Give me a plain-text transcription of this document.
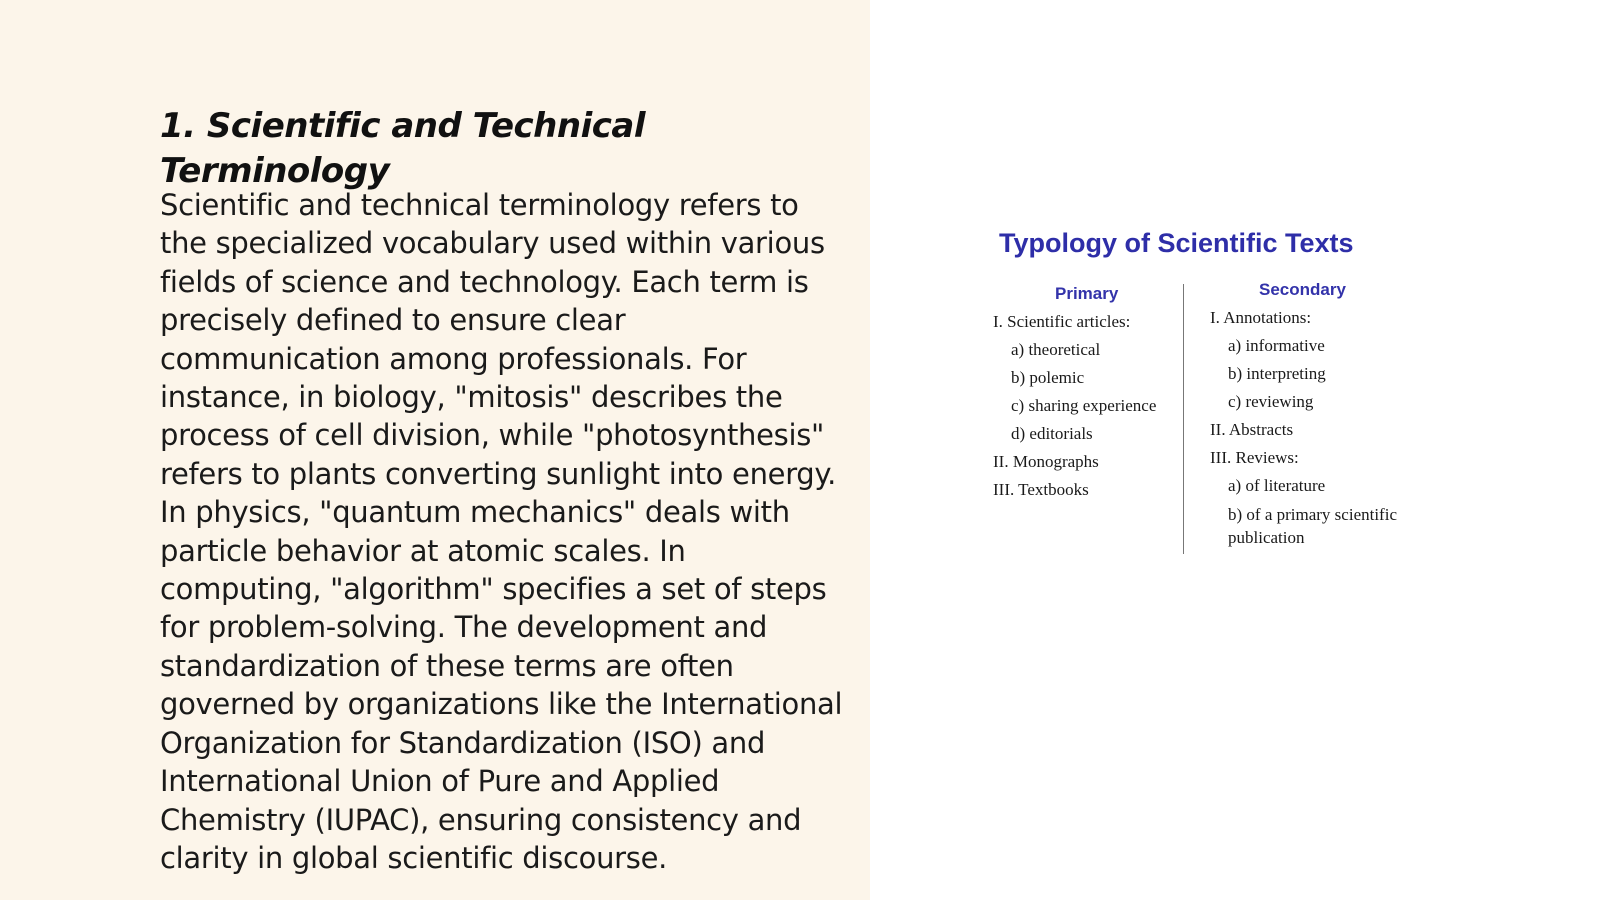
1. Scientific and Technical Terminology

Scientific and technical terminology refers to the specialized vocabulary used within various fields of science and technology. Each term is precisely defined to ensure clear communication among professionals. For instance, in biology, "mitosis" describes the process of cell division, while "photosynthesis" refers to plants converting sunlight into energy. In physics, "quantum mechanics" deals with particle behavior at atomic scales. In computing, "algorithm" specifies a set of steps for problem-solving. The development and standardization of these terms are often governed by organizations like the International Organization for Standardization (ISO) and International Union of Pure and Applied Chemistry (IUPAC), ensuring consistency and clarity in global scientific discourse.

Typology of Scientific Texts
Primary	Secondary
I. Scientific articles:
a) theoretical
b) polemic
c) sharing experience
d) editorials
II. Monographs
III. Textbooks
I. Annotations:
a) informative
b) interpreting
c) reviewing
II. Abstracts
III. Reviews:
a) of literature
b) of a primary scientific publication
